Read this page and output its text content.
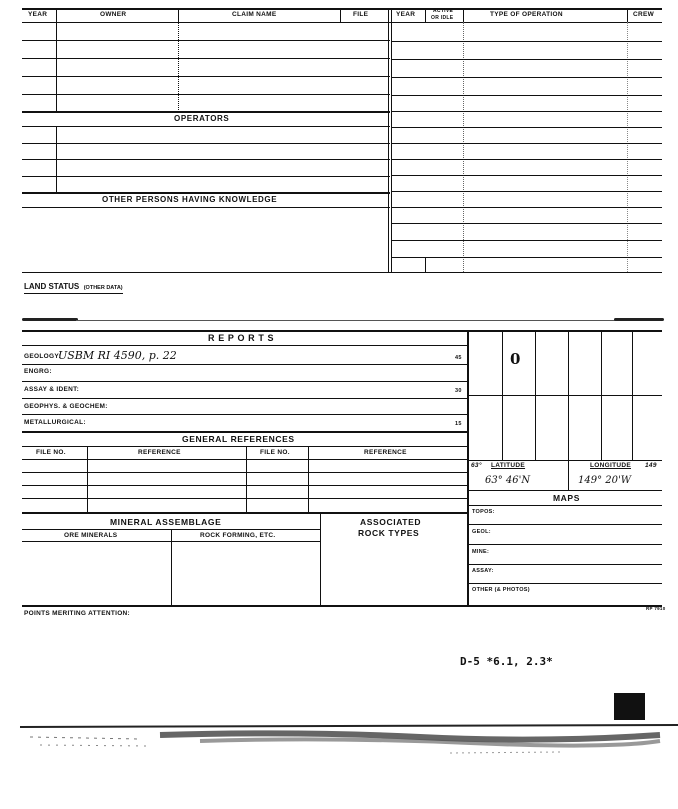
YEAR	OWNER	CLAIM NAME	FILE	YEAR	ACTIVE
OR IDLE	TYPE OF OPERATION	CREW
OPERATORS
OTHER PERSONS HAVING KNOWLEDGE
LAND STATUS (OTHER DATA)
R E P O R T S
GEOLOGY:
USBM RI 4590, p. 22	45
ENGRG:
ASSAY & IDENT:	30
GEOPHYS. & GEOCHEM:
METALLURGICAL:	15
GENERAL REFERENCES
FILE NO.	REFERENCE	FILE NO.	REFERENCE
MINERAL ASSEMBLAGE
ORE MINERALS	ROCK FORMING, ETC.
ASSOCIATED
ROCK TYPES
0
63° LATITUDE	LONGITUDE 149
63° 46'N	149° 20'W
MAPS
TOPOS:
GEOL:
MINE:
ASSAY:
OTHER (& PHOTOS)
POINTS MERITING ATTENTION:
RP 7910
D-5 *6.1, 2.3*
